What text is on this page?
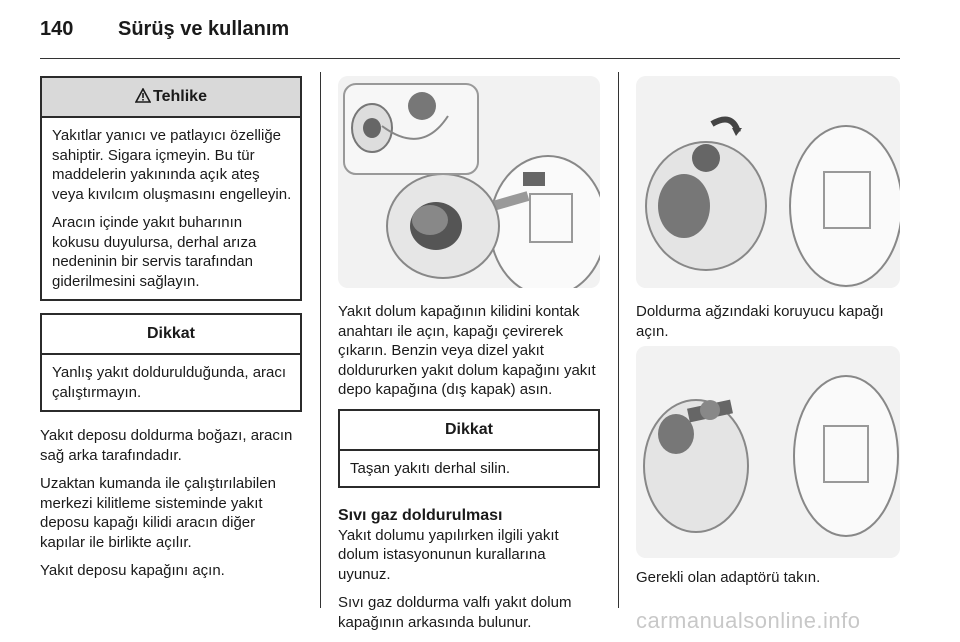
140 Sürüş ve kullanım
Tehlike

Yakıtlar yanıcı ve patlayıcı özelliğe sahiptir. Sigara içmeyin. Bu tür maddelerin yakınında açık ateş veya kıvılcım oluşmasını engelleyin.

Aracın içinde yakıt buharının kokusu duyulursa, derhal arıza nedeninin bir servis tarafından giderilmesini sağlayın.

Dikkat

Yanlış yakıt doldurulduğunda, aracı çalıştırmayın.

Yakıt deposu doldurma boğazı, aracın sağ arka tarafındadır.

Uzaktan kumanda ile çalıştırılabilen merkezi kilitleme sisteminde yakıt deposu kapağı kilidi aracın diğer kapılar ile birlikte açılır.

Yakıt deposu kapağını açın.

Yakıt dolum kapağının kilidini kontak anahtarı ile açın, kapağı çevirerek çıkarın. Benzin veya dizel yakıt doldururken yakıt dolum kapağını yakıt depo kapağına (dış kapak) asın.

Dikkat

Taşan yakıtı derhal silin.

Sıvı gaz doldurulması

Yakıt dolumu yapılırken ilgili yakıt dolum istasyonunun kurallarına uyunuz.

Sıvı gaz doldurma valfı yakıt dolum kapağının arkasında bulunur.

Doldurma ağzındaki koruyucu kapağı açın.

Gerekli olan adaptörü takın.

carmanualsonline.info
